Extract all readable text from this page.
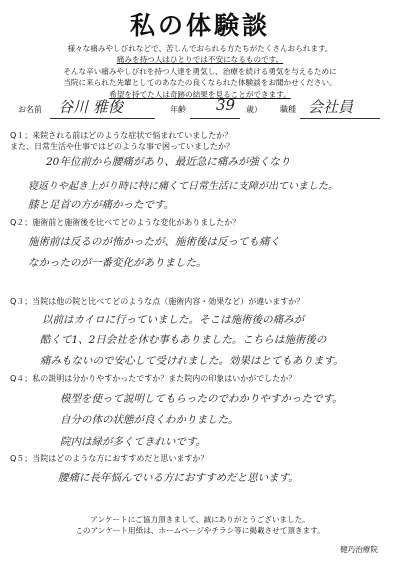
私の体験談
様々な痛みやしびれなどで、苦しんでおられる方たちがたくさんおられます。
痛みを持つ人はひとりでは不安になるものです。
そんな辛い痛みやしびれを持つ人達を勇気し、治療を続ける勇気を与えるために
当院に来られた先輩としてのあなたの良くなられた体験談をお聞かせください。
希望を持てた人は奇跡の結果を見ることができます。
お名前 谷川 雅俊	年齢 39 歳） 職種 会社員
Q１；来院される前はどのような症状で悩まれていましたか？
また、日常生活や仕事ではどのような事で困っていましたか？
20年位前から腰痛があり、最近急に痛みが強くなり
寝返りや起き上がり時に特に痛くて日常生活に支障が出ていました。
膝と足首の方が痛かったです。
Q２；施術前と施術後を比べてどのような変化がありましたか？
施術前は反るのが怖かったが、施術後は反っても痛く
なかったのが一番変化がありました。
Q３；当院は他の院と比べてどのような点（施術内容・効果など）が違いますか？
以前はカイロに行っていました。そこは施術後の痛みが
酷くて1、2日会社を休む事もありました。こちらは施術後の
痛みもないので安心して受けれました。効果はとてもあります。
Q４；私の説明は分かりやすかったですか？また院内の印象はいかがでしたか？
模型を使って説明してもらったのでわかりやすかったです。
自分の体の状態が良くわかりました。
院内は緑が多くてきれいです。
Q５；当院はどのような方におすすめだと思いますか？
腰痛に長年悩んでいる方におすすめだと思います。
アンケートにご協力頂きまして、誠にありがとうございました。
このアンケート用紙は、ホームページやチラシ等に掲載させて頂きます。
健巧治療院
